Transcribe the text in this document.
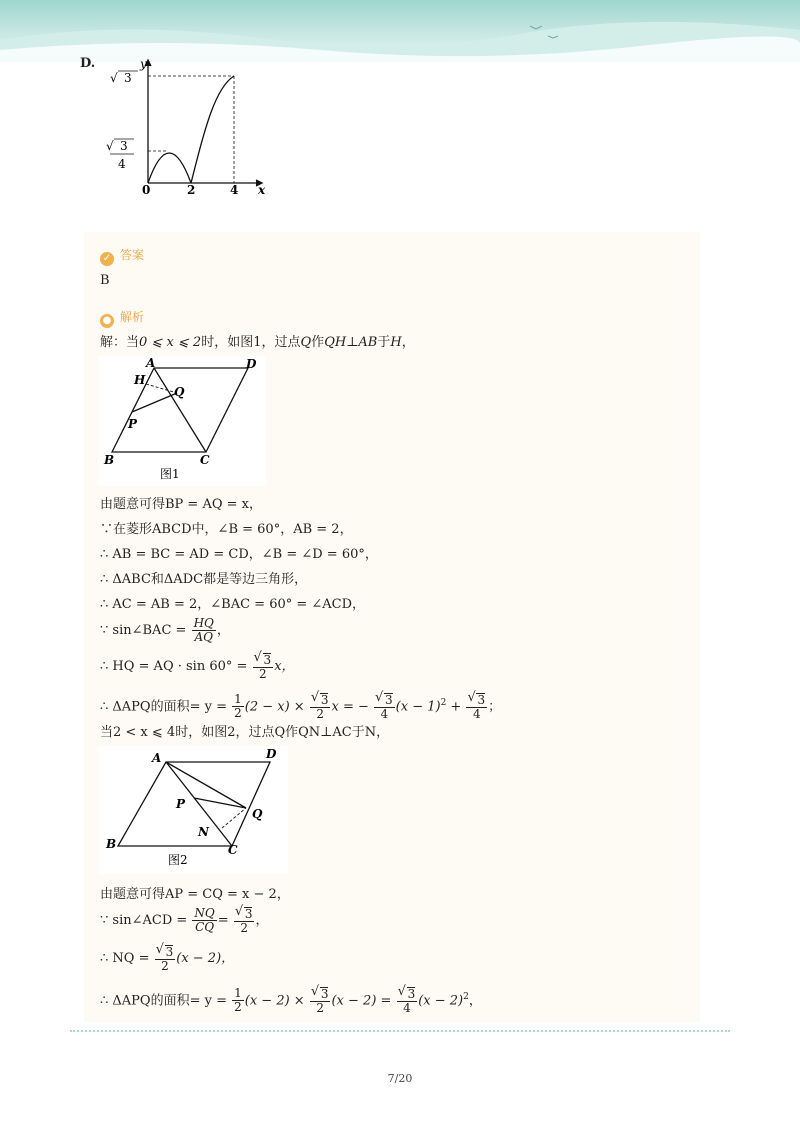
D.	y
x
√ 3
√ 3
4
0	2	4
✓ 答案
B
● 解析
解：当0 ⩽ x ⩽ 2时，如图1，过点Q作QH⊥AB于H，
A	D
H
Q
P
B	C
图1
由题意可得BP = AQ = x，
∵在菱形ABCD中，∠B = 60°，AB = 2，
∴ AB = BC = AD = CD，∠B = ∠D = 60°，
∴ ΔABC和ΔADC都是等边三角形，
∴ AC = AB = 2，∠BAC = 60° = ∠ACD，
∵ sin∠BAC = $\frac{HQ}{AQ}$ ，
∴ HQ = AQ · sin 60° = √ $\frac{3}{2}$ x，
∴ ΔAPQ的面积= $y = \frac{1}{2} (2 - x)$ × √ $\frac{3}{2}$ x = − √ $\frac{3}{4} (x - 1)^2$ + √ $\frac{3}{4}$ ；
当2 < x ⩽ 4时，如图2，过点Q作QN⊥AC于N，
A	D
P
Q
N
B	C
图2
由题意可得AP = CQ = x − 2，
∵ sin∠ACD = $\frac{NQ}{CQ}$ = √ $\frac{3}{2}$ ，
∴ NQ = √ $\frac{3}{2} (x - 2)$，
∴ ΔAPQ的面积= $y = \frac{1}{2} (x - 2)$ × √ $\frac{3}{2} (x - 2)$ = √ $\frac{3}{4} (x - 2)^2$，
7/20
